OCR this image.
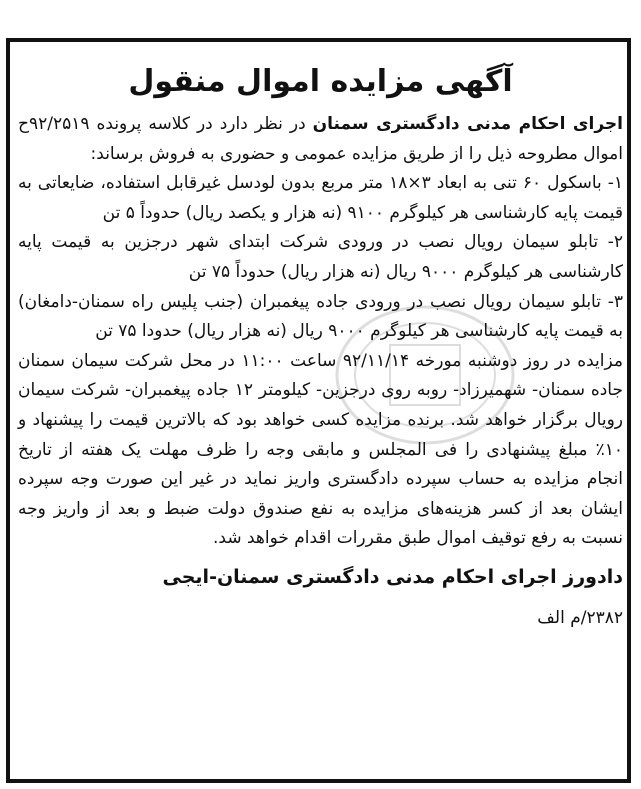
آگهی مزایده اموال منقول

اجرای احکام مدنی دادگستری سمنان در نظر دارد در کلاسه پرونده ۹۲/۲۵۱۹ح اموال مطروحه ذیل را از طریق مزایده عمومی و حضوری به فروش برساند:

۱- باسکول ۶۰ تنی به ابعاد ۳×۱۸ متر مربع بدون لودسل غیرقابل استفاده، ضایعاتی به قیمت پایه کارشناسی هر کیلوگرم ۹۱۰۰ (نه هزار و یکصد ریال) حدوداً ۵ تن

۲- تابلو سیمان رویال نصب در ورودی شرکت ابتدای شهر درجزین به قیمت پایه کارشناسی هر کیلوگرم ۹۰۰۰ ریال (نه هزار ریال) حدوداً ۷۵ تن

۳- تابلو سیمان رویال نصب در ورودی جاده پیغمبران (جنب پلیس راه سمنان-دامغان) به قیمت پایه کارشناسی هر کیلوگرم ۹۰۰۰ ریال (نه هزار ریال) حدودا ۷۵ تن

مزایده در روز دوشنبه مورخه ۹۲/۱۱/۱۴ ساعت ۱۱:۰۰ در محل شرکت سیمان سمنان جاده سمنان- شهمیرزاد- روبه روی درجزین- کیلومتر ۱۲ جاده پیغمبران- شرکت سیمان رویال برگزار خواهد شد. برنده مزایده کسی خواهد بود که بالاترین قیمت را پیشنهاد و ۱۰٪ مبلغ پیشنهادی را فی المجلس و مابقی وجه را ظرف مهلت یک هفته از تاریخ انجام مزایده به حساب سپرده دادگستری واریز نماید در غیر این صورت وجه سپرده ایشان بعد از کسر هزینه‌های مزایده به نفع صندوق دولت ضبط و بعد از واریز وجه نسبت به رفع توقیف اموال طبق مقررات اقدام خواهد شد.

دادورز اجرای احکام مدنی دادگستری سمنان-ایجی
۲۳۸۲/م الف
